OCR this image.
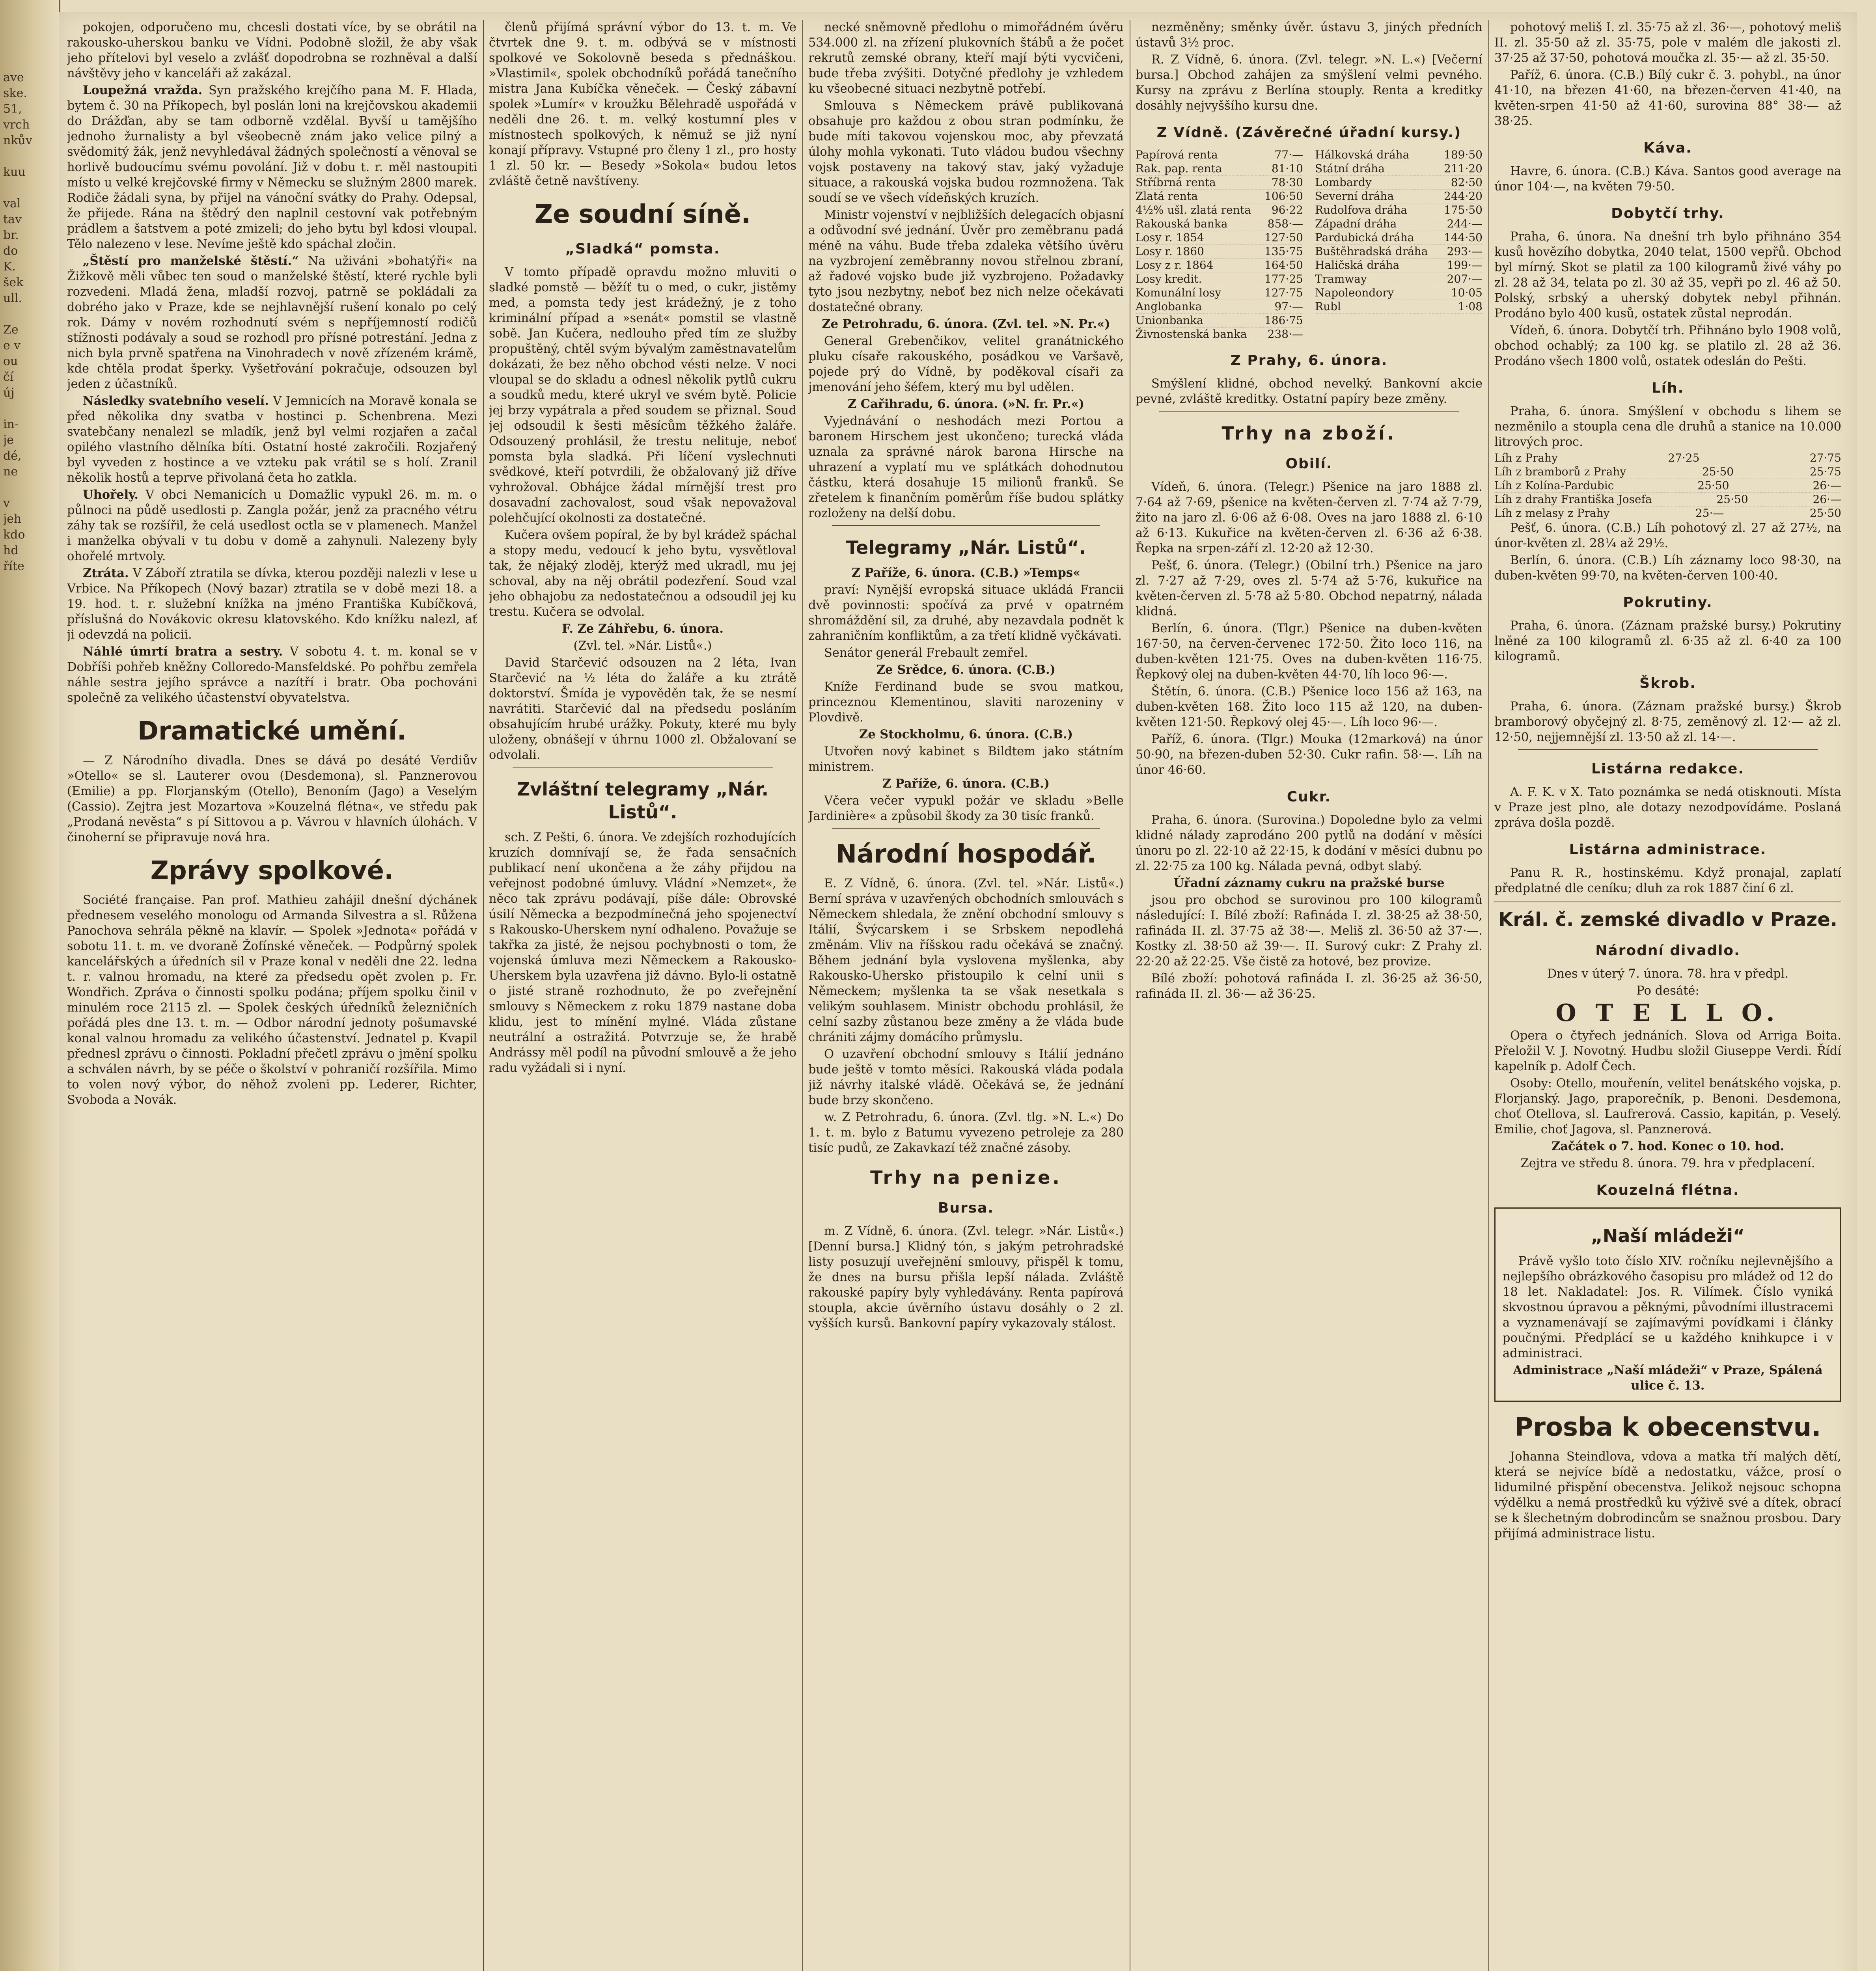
ave
ske.
51,
vrch
nkův
kuu
val
tav
br.
do
K.
šek
ull.
Ze
e v
ou
čí
új
in-
je
dé,
ne
v
jeh
kdo
hd
říte

pokojen, odporučeno mu, chcesli dostati více, by se obrátil na rakousko-uherskou banku ve Vídni. Podobně složil, že aby však jeho přítelovi byl veselo a zvlášť dopodrobna se rozhněval a další návštěvy jeho v kanceláři až zakázal.

Loupežná vražda. Syn pražského krejčího pana M. F. Hlada, bytem č. 30 na Příkopech, byl poslán loni na krejčovskou akademii do Drážďan, aby se tam odborně vzdělal. Byvší u tamějšího jednoho žurnalisty a byl všeobecně znám jako velice pilný a svědomitý žák, jenž nevyhledával žádných společností a věnoval se horlivě budoucímu svému povolání. Již v dobu t. r. měl nastoupiti místo u velké krejčovské firmy v Německu se služným 2800 marek. Rodiče žádali syna, by přijel na vánoční svátky do Prahy. Odepsal, že přijede. Rána na štědrý den naplnil cestovní vak potřebným prádlem a šatstvem a poté zmizeli; do jeho bytu byl kdosi vloupal. Tělo nalezeno v lese. Nevíme ještě kdo spáchal zločin.

„Štěstí pro manželské štěstí.“ Na uživáni »bohatýři« na Žižkově měli vůbec ten soud o manželské štěstí, které rychle byli rozvedeni. Mladá žena, mladší rozvoj, patrně se pokládali za dobrého jako v Praze, kde se nejhlavnější rušení konalo po celý rok. Dámy v novém rozhodnutí svém s nepříjemností rodičů stížnosti podávaly a soud se rozhodl pro přísné potrestání. Jedna z nich byla prvně spatřena na Vinohradech v nově zřízeném krámě, kde chtěla prodat šperky. Vyšetřování pokračuje, odsouzen byl jeden z účastníků.

Následky svatebního veselí. V Jemnicích na Moravě konala se před několika dny svatba v hostinci p. Schenbrena. Mezi svatebčany nenalezl se mladík, jenž byl velmi rozjařen a začal opilého vlastního dělníka bíti. Ostatní hosté zakročili. Rozjařený byl vyveden z hostince a ve vzteku pak vrátil se s holí. Zranil několik hostů a teprve přivolaná četa ho zatkla.

Uhořely. V obci Nemanicích u Domažlic vypukl 26. m. m. o půlnoci na půdě usedlosti p. Zangla požár, jenž za pracného vétru záhy tak se rozšířil, že celá usedlost octla se v plamenech. Manžel i manželka obývali v tu dobu v domě a zahynuli. Nalezeny byly ohořelé mrtvoly.

Ztráta. V Záboří ztratila se dívka, kterou později nalezli v lese u Vrbice. Na Příkopech (Nový bazar) ztratila se v době mezi 18. a 19. hod. t. r. služební knížka na jméno Františka Kubíčková, příslušná do Novákovic okresu klatovského. Kdo knížku nalezl, ať ji odevzdá na policii.

Náhlé úmrtí bratra a sestry. V sobotu 4. t. m. konal se v Dobříši pohřeb kněžny Colloredo-Mansfeldské. Po pohřbu zemřela náhle sestra jejího správce a nazítří i bratr. Oba pochováni společně za velikého účastenství obyvatelstva.

Dramatické umění.

— Z Národního divadla. Dnes se dává po desáté Verdiův »Otello« se sl. Lauterer ovou (Desdemona), sl. Panznerovou (Emilie) a pp. Florjanským (Otello), Benoním (Jago) a Veselým (Cassio). Zejtra jest Mozartova »Kouzelná flétna«, ve středu pak „Prodaná nevěsta“ s pí Sittovou a p. Vávrou v hlavních úlohách. V činoherní se připravuje nová hra.

Zprávy spolkové.

Société française. Pan prof. Mathieu zahájil dnešní dýchánek přednesem veselého monologu od Armanda Silvestra a sl. Růžena Panochova sehrála pěkně na klavír. — Spolek »Jednota« pořádá v sobotu 11. t. m. ve dvoraně Žofínské věneček. — Podpůrný spolek kancelářských a úředních sil v Praze konal v neděli dne 22. ledna t. r. valnou hromadu, na které za předsedu opět zvolen p. Fr. Wondřich. Zpráva o činnosti spolku podána; příjem spolku činil v minulém roce 2115 zl. — Spolek českých úředníků železničních pořádá ples dne 13. t. m. — Odbor národní jednoty pošumavské konal valnou hromadu za velikého účastenství. Jednatel p. Kvapil přednesl zprávu o činnosti. Pokladní přečetl zprávu o jmění spolku a schválen návrh, by se péče o školství v pohraničí rozšířila. Mimo to volen nový výbor, do něhož zvoleni pp. Lederer, Richter, Svoboda a Novák.

členů přijímá správní výbor do 13. t. m. Ve čtvrtek dne 9. t. m. odbývá se v místnosti spolkové ve Sokolovně beseda s přednáškou. »Vlastimil«, spolek obchodníků pořádá tanečního mistra Jana Kubíčka věneček. — Český zábavní spolek »Lumír« v kroužku Bělehradě uspořádá v neděli dne 26. t. m. velký kostumní ples v místnostech spolkových, k němuž se již nyní konají přípravy. Vstupné pro členy 1 zl., pro hosty 1 zl. 50 kr. — Besedy »Sokola« budou letos zvláště četně navštíveny.

Ze soudní síně.
„Sladká“ pomsta.

V tomto případě opravdu možno mluviti o sladké pomstě — běžíť tu o med, o cukr, jistěmy med, a pomsta tedy jest krádežný, je z toho kriminální případ a »senát« pomstil se vlastně sobě. Jan Kučera, nedlouho před tím ze služby propuštěný, chtěl svým bývalým zaměstnavatelům dokázati, že bez něho obchod vésti nelze. V noci vloupal se do skladu a odnesl několik pytlů cukru a soudků medu, které ukryl ve svém bytě. Policie jej brzy vypátrala a před soudem se přiznal. Soud jej odsoudil k šesti měsícům těžkého žaláře. Odsouzený prohlásil, že trestu nelituje, neboť pomsta byla sladká. Při líčení vyslechnuti svědkové, kteří potvrdili, že obžalovaný již dříve vyhrožoval. Obhájce žádal mírnější trest pro dosavadní zachovalost, soud však nepovažoval polehčující okolnosti za dostatečné.

Kučera ovšem popíral, že by byl krádež spáchal a stopy medu, vedoucí k jeho bytu, vysvětloval tak, že nějaký zloděj, kterýž med ukradl, mu jej schoval, aby na něj obrátil podezření. Soud vzal jeho obhajobu za nedostatečnou a odsoudil jej ku trestu. Kučera se odvolal.

F. Ze Záhřebu, 6. února.

(Zvl. tel. »Nár. Listů«.)

David Starčević odsouzen na 2 léta, Ivan Starčević na ½ léta do žaláře a ku ztrátě doktorství. Šmída je vypověděn tak, že se nesmí navrátiti. Starčević dal na předsedu posláním obsahujícím hrubé urážky. Pokuty, které mu byly uloženy, obnášejí v úhrnu 1000 zl. Obžalovaní se odvolali.

Zvláštní telegramy „Nár. Listů“.

sch. Z Pešti, 6. února. Ve zdejších rozhodujících kruzích domnívají se, že řada sensačních publikací není ukončena a že záhy přijdou na veřejnost podobné úmluvy. Vládní »Nemzet«, že něco tak zprávu podávají, píše dále: Obrovské úsilí Německa a bezpodmínečná jeho spojenectví s Rakousko-Uherskem nyní odhaleno. Považuje se takřka za jisté, že nejsou pochybnosti o tom, že vojenská úmluva mezi Německem a Rakousko-Uherskem byla uzavřena již dávno. Bylo-li ostatně o jisté straně rozhodnuto, že po zveřejnění smlouvy s Německem z roku 1879 nastane doba klidu, jest to mínění mylné. Vláda zůstane neutrální a ostražitá. Potvrzuje se, že hrabě Andrássy měl podíl na původní smlouvě a že jeho radu vyžádali si i nyní.

necké sněmovně předlohu o mimořádném úvěru 534.000 zl. na zřízení plukovních štábů a že počet rekrutů zemské obrany, kteří mají býti vycvičeni, bude třeba zvýšiti. Dotyčné předlohy je vzhledem ku všeobecné situaci nezbytně potřebí.

Smlouva s Německem právě publikovaná obsahuje pro každou z obou stran podmínku, že bude míti takovou vojenskou moc, aby převzatá úlohy mohla vykonati. Tuto vládou budou všechny vojsk postaveny na takový stav, jaký vyžaduje situace, a rakouská vojska budou rozmnožena. Tak soudí se ve všech vídeňských kruzích.

Ministr vojenství v nejbližších delegacích objasní a odůvodní své jednání. Úvěr pro zeměbranu padá méně na váhu. Bude třeba zdaleka většího úvěru na vyzbrojení zeměbranny novou střelnou zbraní, až řadové vojsko bude již vyzbrojeno. Požadavky tyto jsou nezbytny, neboť bez nich nelze očekávati dostatečné obrany.

Ze Petrohradu, 6. února. (Zvl. tel. »N. Pr.«)

General Grebenčikov, velitel granátnického pluku císaře rakouského, posádkou ve Varšavě, pojede prý do Vídně, by poděkoval císaři za jmenování jeho šéfem, který mu byl udělen.

Z Cařihradu, 6. února. (»N. fr. Pr.«)

Vyjednávání o neshodách mezi Portou a baronem Hirschem jest ukončeno; turecká vláda uznala za správné nárok barona Hirsche na uhrazení a vyplatí mu ve splátkách dohodnutou částku, která dosahuje 15 milionů franků. Se zřetelem k finančním poměrům říše budou splátky rozloženy na delší dobu.

Telegramy „Nár. Listů“.

Z Paříže, 6. února. (C.B.) »Temps«

praví: Nynější evropská situace ukládá Francii dvě povinnosti: spočívá za prvé v opatrném shromáždění sil, za druhé, aby nezavdala podnět k zahraničním konfliktům, a za třetí klidně vyčkávati.

Senátor generál Frebault zemřel.

Ze Srědce, 6. února. (C.B.)

Kníže Ferdinand bude se svou matkou, princeznou Klementinou, slaviti narozeniny v Plovdivě.

Ze Stockholmu, 6. února. (C.B.)

Utvořen nový kabinet s Bildtem jako státním ministrem.

Z Paříže, 6. února. (C.B.)

Včera večer vypukl požár ve skladu »Belle Jardinière« a způsobil škody za 30 tisíc franků.

Národní hospodář.

E. Z Vídně, 6. února. (Zvl. tel. »Nár. Listů«.) Berní správa v uzavřených obchodních smlouvách s Německem shledala, že znění obchodní smlouvy s Itálií, Švýcarskem i se Srbskem nepodlehá změnám. Vliv na říšskou radu očekává se značný. Během jednání byla vyslovena myšlenka, aby Rakousko-Uhersko přistoupilo k celní unii s Německem; myšlenka ta se však nesetkala s velikým souhlasem. Ministr obchodu prohlásil, že celní sazby zůstanou beze změny a že vláda bude chrániti zájmy domácího průmyslu.

O uzavření obchodní smlouvy s Itálií jednáno bude ještě v tomto měsíci. Rakouská vláda podala již návrhy italské vládě. Očekává se, že jednání bude brzy skončeno.

w. Z Petrohradu, 6. února. (Zvl. tlg. »N. L.«) Do 1. t. m. bylo z Batumu vyvezeno petroleje za 280 tisíc pudů, ze Zakavkazí též značné zásoby.

Trhy na penize.
Bursa.

m. Z Vídně, 6. února. (Zvl. telegr. »Nár. Listů«.) [Denní bursa.] Klidný tón, s jakým petrohradské listy posuzují uveřejnění smlouvy, přispěl k tomu, že dnes na bursu přišla lepší nálada. Zvláště rakouské papíry byly vyhledávány. Renta papírová stoupla, akcie úvěrního ústavu dosáhly o 2 zl. vyšších kursů. Bankovní papíry vykazovaly stálost.

nezměněny; směnky úvěr. ústavu 3, jiných předních ústavů 3½ proc.

R. Z Vídně, 6. února. (Zvl. telegr. »N. L.«) [Večerní bursa.] Obchod zahájen za smýšlení velmi pevného. Kursy na zprávu z Berlína stouply. Renta a kreditky dosáhly nejvyššího kursu dne.

Z Vídně. (Závěrečné úřadní kursy.)
Papírová renta	77·—
Rak. pap. renta	81·10
Stříbrná renta	78·30
Zlatá renta	106·50
4½% ušl. zlatá renta 96·22
Rakouská banka	858·—
Losy r. 1854	127·50
Losy r. 1860	135·75
Losy z r. 1864	164·50
Losy kredit.	177·25
Komunální losy	127·75
Anglobanka	97·—
Unionbanka	186·75
Živnostenská banka 238·—
Hálkovská dráha	189·50
Státní dráha	211·20
Lombardy	82·50
Severní dráha	244·20
Rudolfova dráha	175·50
Západní dráha	244·—
Pardubická dráha	144·50
Buštěhradská dráha 293·—
Haličská dráha	199·—
Tramway	207·—
Napoleondory	10·05
Rubl	1·08
Z Prahy, 6. února.

Smýšlení klidné, obchod nevelký. Bankovní akcie pevné, zvláště kreditky. Ostatní papíry beze změny.

Trhy na zboží.
Obilí.

Vídeň, 6. února. (Telegr.) Pšenice na jaro 1888 zl. 7·64 až 7·69, pšenice na květen-červen zl. 7·74 až 7·79, žito na jaro zl. 6·06 až 6·08. Oves na jaro 1888 zl. 6·10 až 6·13. Kukuřice na květen-červen zl. 6·36 až 6·38. Řepka na srpen-září zl. 12·20 až 12·30.

Pešť, 6. února. (Telegr.) (Obilní trh.) Pšenice na jaro zl. 7·27 až 7·29, oves zl. 5·74 až 5·76, kukuřice na květen-červen zl. 5·78 až 5·80. Obchod nepatrný, nálada klidná.

Berlín, 6. února. (Tlgr.) Pšenice na duben-květen 167·50, na červen-červenec 172·50. Žito loco 116, na duben-květen 121·75. Oves na duben-květen 116·75. Řepkový olej na duben-květen 44·70, líh loco 96·—.

Štětín, 6. února. (C.B.) Pšenice loco 156 až 163, na duben-květen 168. Žito loco 115 až 120, na duben-květen 121·50. Řepkový olej 45·—. Líh loco 96·—.

Paříž, 6. února. (Tlgr.) Mouka (12marková) na únor 50·90, na březen-duben 52·30. Cukr rafin. 58·—. Líh na únor 46·60.

Cukr.

Praha, 6. února. (Surovina.) Dopoledne bylo za velmi klidné nálady zaprodáno 200 pytlů na dodání v měsíci únoru po zl. 22·10 až 22·15, k dodání v měsíci dubnu po zl. 22·75 za 100 kg. Nálada pevná, odbyt slabý.

Úřadní záznamy cukru na pražské burse

jsou pro obchod se surovinou pro 100 kilogramů následující: I. Bílé zboží: Rafináda I. zl. 38·25 až 38·50, rafináda II. zl. 37·75 až 38·—. Meliš zl. 36·50 až 37·—. Kostky zl. 38·50 až 39·—. II. Surový cukr: Z Prahy zl. 22·20 až 22·25. Vše čistě za hotové, bez provize.

Bílé zboží: pohotová rafináda I. zl. 36·25 až 36·50, rafináda II. zl. 36·— až 36·25.

pohotový meliš I. zl. 35·75 až zl. 36·—, pohotový meliš II. zl. 35·50 až zl. 35·75, pole v malém dle jakosti zl. 37·25 až 37·50, pohotová moučka zl. 35·— až zl. 35·50.

Paříž, 6. února. (C.B.) Bílý cukr č. 3. pohybl., na únor 41·10, na březen 41·60, na březen-červen 41·40, na květen-srpen 41·50 až 41·60, surovina 88° 38·— až 38·25.

Káva.

Havre, 6. února. (C.B.) Káva. Santos good average na únor 104·—, na květen 79·50.

Dobytčí trhy.

Praha, 6. února. Na dnešní trh bylo přihnáno 354 kusů hovězího dobytka, 2040 telat, 1500 vepřů. Obchod byl mírný. Skot se platil za 100 kilogramů živé váhy po zl. 28 až 34, telata po zl. 30 až 35, vepři po zl. 46 až 50. Polský, srbský a uherský dobytek nebyl přihnán. Prodáno bylo 400 kusů, ostatek zůstal neprodán.

Vídeň, 6. února. Dobytčí trh. Přihnáno bylo 1908 volů, obchod ochablý; za 100 kg. se platilo zl. 28 až 36. Prodáno všech 1800 volů, ostatek odeslán do Pešti.

Líh.

Praha, 6. února. Smýšlení v obchodu s lihem se nezměnilo a stoupla cena dle druhů a stanice na 10.000 litrových proc.

Líh z Prahy	27·25	27·75
Líh z bramborů z Prahy	25·50	25·75
Líh z Kolína-Pardubic	25·50	26·—
Líh z drahy Františka Josefa	25·50	26·—
Líh z melasy z Prahy	25·—	25·50

Pešť, 6. února. (C.B.) Líh pohotový zl. 27 až 27½, na únor-květen zl. 28¼ až 29½.

Berlín, 6. února. (C.B.) Líh záznamy loco 98·30, na duben-květen 99·70, na květen-červen 100·40.

Pokrutiny.

Praha, 6. února. (Záznam pražské bursy.) Pokrutiny lněné za 100 kilogramů zl. 6·35 až zl. 6·40 za 100 kilogramů.

Škrob.

Praha, 6. února. (Záznam pražské bursy.) Škrob bramborový obyčejný zl. 8·75, zeměnový zl. 12·— až zl. 12·50, nejjemnější zl. 13·50 až zl. 14·—.

Listárna redakce.

A. F. K. v X. Tato poznámka se nedá otisknouti. Místa v Praze jest plno, ale dotazy nezodpovídáme. Poslaná zpráva došla pozdě.

Listárna administrace.

Panu R. R., hostinskému. Když pronajal, zaplatí předplatné dle ceníku; dluh za rok 1887 činí 6 zl.

Král. č. zemské divadlo v Praze.
Národní divadlo.

Dnes v úterý 7. února. 78. hra v předpl.

Po desáté:

O T E L L O.

Opera o čtyřech jednáních. Slova od Arriga Boita. Přeložil V. J. Novotný. Hudbu složil Giuseppe Verdi. Řídí kapelník p. Adolf Čech.

Osoby: Otello, mouřenín, velitel benátského vojska, p. Florjanský. Jago, praporečník, p. Benoni. Desdemona, choť Otellova, sl. Laufrerová. Cassio, kapitán, p. Veselý. Emilie, choť Jagova, sl. Panznerová.

Začátek o 7. hod. Konec o 10. hod.

Zejtra ve středu 8. února. 79. hra v předplacení.

Kouzelná flétna.
„Naší mládeži“

Právě vyšlo toto číslo XIV. ročníku nejlevnějšího a nejlepšího obrázkového časopisu pro mládež od 12 do 18 let. Nakladatel: Jos. R. Vilímek. Číslo vyniká skvostnou úpravou a pěknými, původními illustracemi a vyznamenávají se zajímavými povídkami i články poučnými. Předplácí se u každého knihkupce i v administraci.

Administrace „Naší mládeži“ v Praze, Spálená ulice č. 13.

Prosba k obecenstvu.

Johanna Steindlova, vdova a matka tří malých dětí, která se nejvíce bídě a nedostatku, vážce, prosí o lidumilné přispění obecenstva. Jelikož nejsouc schopna výdělku a nemá prostředků ku výživě své a dítek, obrací se k šlechetným dobrodincům se snažnou prosbou. Dary přijímá administrace listu.
